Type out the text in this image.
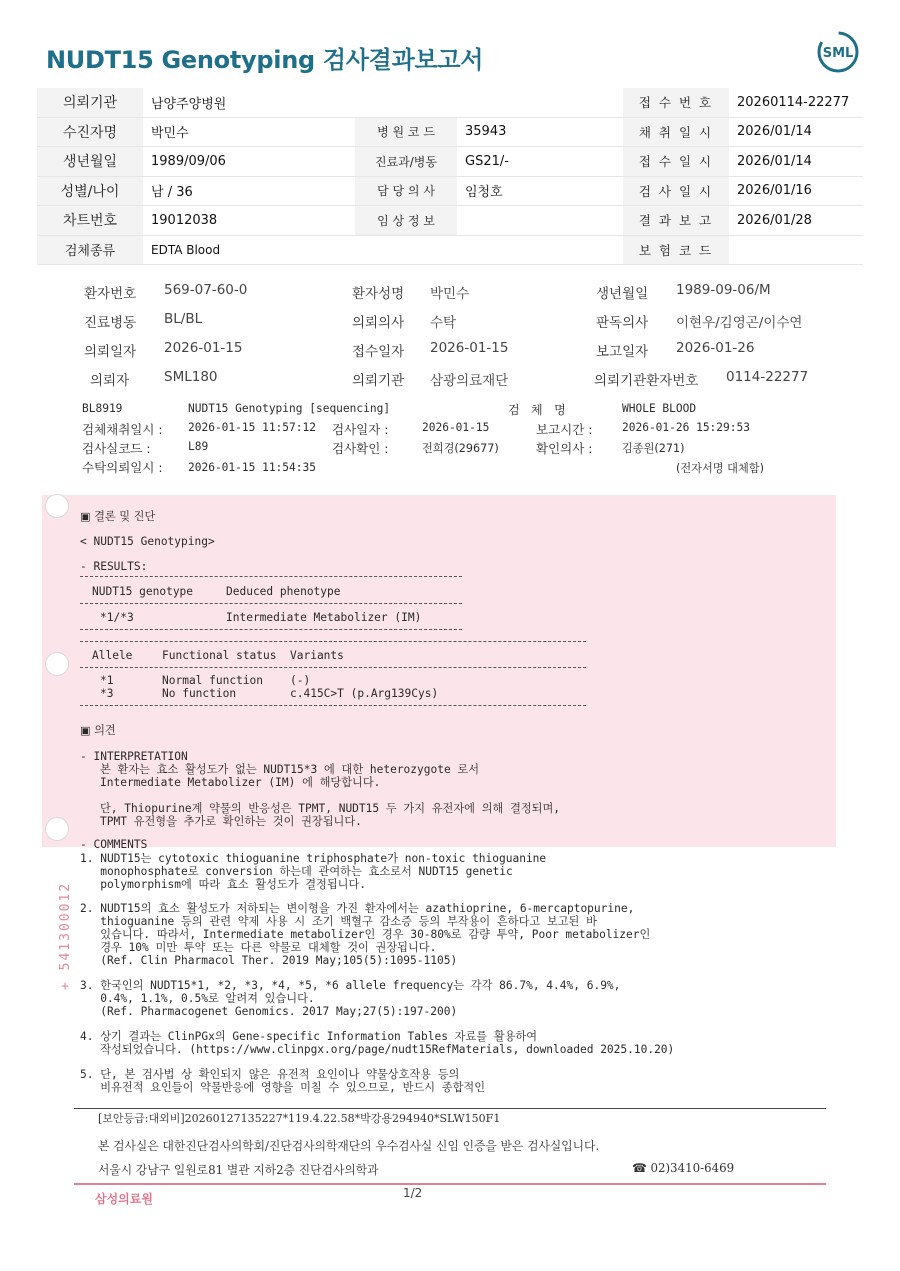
NUDT15 Genotyping 검사결과보고서	SML
의뢰기관	남양주양병원			접 수 번 호	20260114-22277
수진자명	박민수	병 원 코 드	35943	채 취 일 시	2026/01/14
생년월일	1989/09/06	진료과/병동	GS21/-	접 수 일 시	2026/01/14
성별/나이	남 / 36	담 당 의 사	임청호	검 사 일 시	2026/01/16
차트번호	19012038	임 상 정 보		결 과 보 고	2026/01/28
검체종류	EDTA Blood			보 험 코 드	
환자번호 569-07-60-0	환자성명 박민수	생년월일 1989-09-06/M
진료병동 BL/BL	의뢰의사 수탁	판독의사 이현우/김영곤/이수연
의뢰일자 2026-01-15	접수일자 2026-01-15	보고일자 2026-01-26
의뢰자	SML180	의뢰기관 삼광의료재단	의뢰기관환자번호 0114-22277
BL8919	NUDT15 Genotyping [sequencing]	검   체   명	WHOLE BLOOD
검체채취일시 : 2026-01-15 11:57:12 검사일자 :	2026-01-15	보고시간 :	2026-01-26 15:29:53
검사실코드 :	L89	검사확인 :	전희경(29677)	확인의사 :	김종원(271)
수탁의뢰일시 : 2026-01-15 11:54:35	(전자서명 대체함)
▣ 결론 및 진단
< NUDT15 Genotyping>
- RESULTS:
NUDT15 genotype	Deduced phenotype
*1/*3	Intermediate Metabolizer (IM)
Allele	Functional status Variants
*1	Normal function (-)
*3	No function	c.415C>T (p.Arg139Cys)
▣ 의견
- INTERPRETATION
본 환자는 효소 활성도가 없는 NUDT15*3 에 대한 heterozygote 로서
Intermediate Metabolizer (IM) 에 해당합니다.
단, Thiopurine계 약물의 반응성은 TPMT, NUDT15 두 가지 유전자에 의해 결정되며,
TPMT 유전형을 추가로 확인하는 것이 권장됩니다.
- COMMENTS
1. NUDT15는 cytotoxic thioguanine triphosphate가 non-toxic thioguanine
monophosphate로 conversion 하는데 관여하는 효소로서 NUDT15 genetic
polymorphism에 따라 효소 활성도가 결정됩니다.
2. NUDT15의 효소 활성도가 저하되는 변이형을 가진 환자에서는 azathioprine, 6-mercaptopurine,
thioguanine 등의 관련 약제 사용 시 조기 백혈구 감소증 등의 부작용이 흔하다고 보고된 바
있습니다. 따라서, Intermediate metabolizer인 경우 30-80%로 감량 투약, Poor metabolizer인
경우 10% 미만 투약 또는 다른 약물로 대체할 것이 권장됩니다.
(Ref. Clin Pharmacol Ther. 2019 May;105(5):1095-1105)
3. 한국인의 NUDT15*1, *2, *3, *4, *5, *6 allele frequency는 각각 86.7%, 4.4%, 6.9%,
0.4%, 1.1%, 0.5%로 알려져 있습니다.
(Ref. Pharmacogenet Genomics. 2017 May;27(5):197-200)
4. 상기 결과는 ClinPGx의 Gene-specific Information Tables 자료를 활용하여
작성되었습니다. (https://www.clinpgx.org/page/nudt15RefMaterials, downloaded 2025.10.20)
5. 단, 본 검사법 상 확인되지 않은 유전적 요인이나 약물상호작용 등의
비유전적 요인들이 약물반응에 영향을 미칠 수 있으므로, 반드시 종합적인
+ 541300012
[보안등급:대외비]20260127135227*119.4.22.58*박강용294940*SLW150F1
본 검사실은 대한진단검사의학회/진단검사의학재단의 우수검사실 신임 인증을 받은 검사실입니다.
서울시 강남구 일원로81 별관 지하2층 진단검사의학과	☎ 02)3410-6469
삼성의료원	1/2
